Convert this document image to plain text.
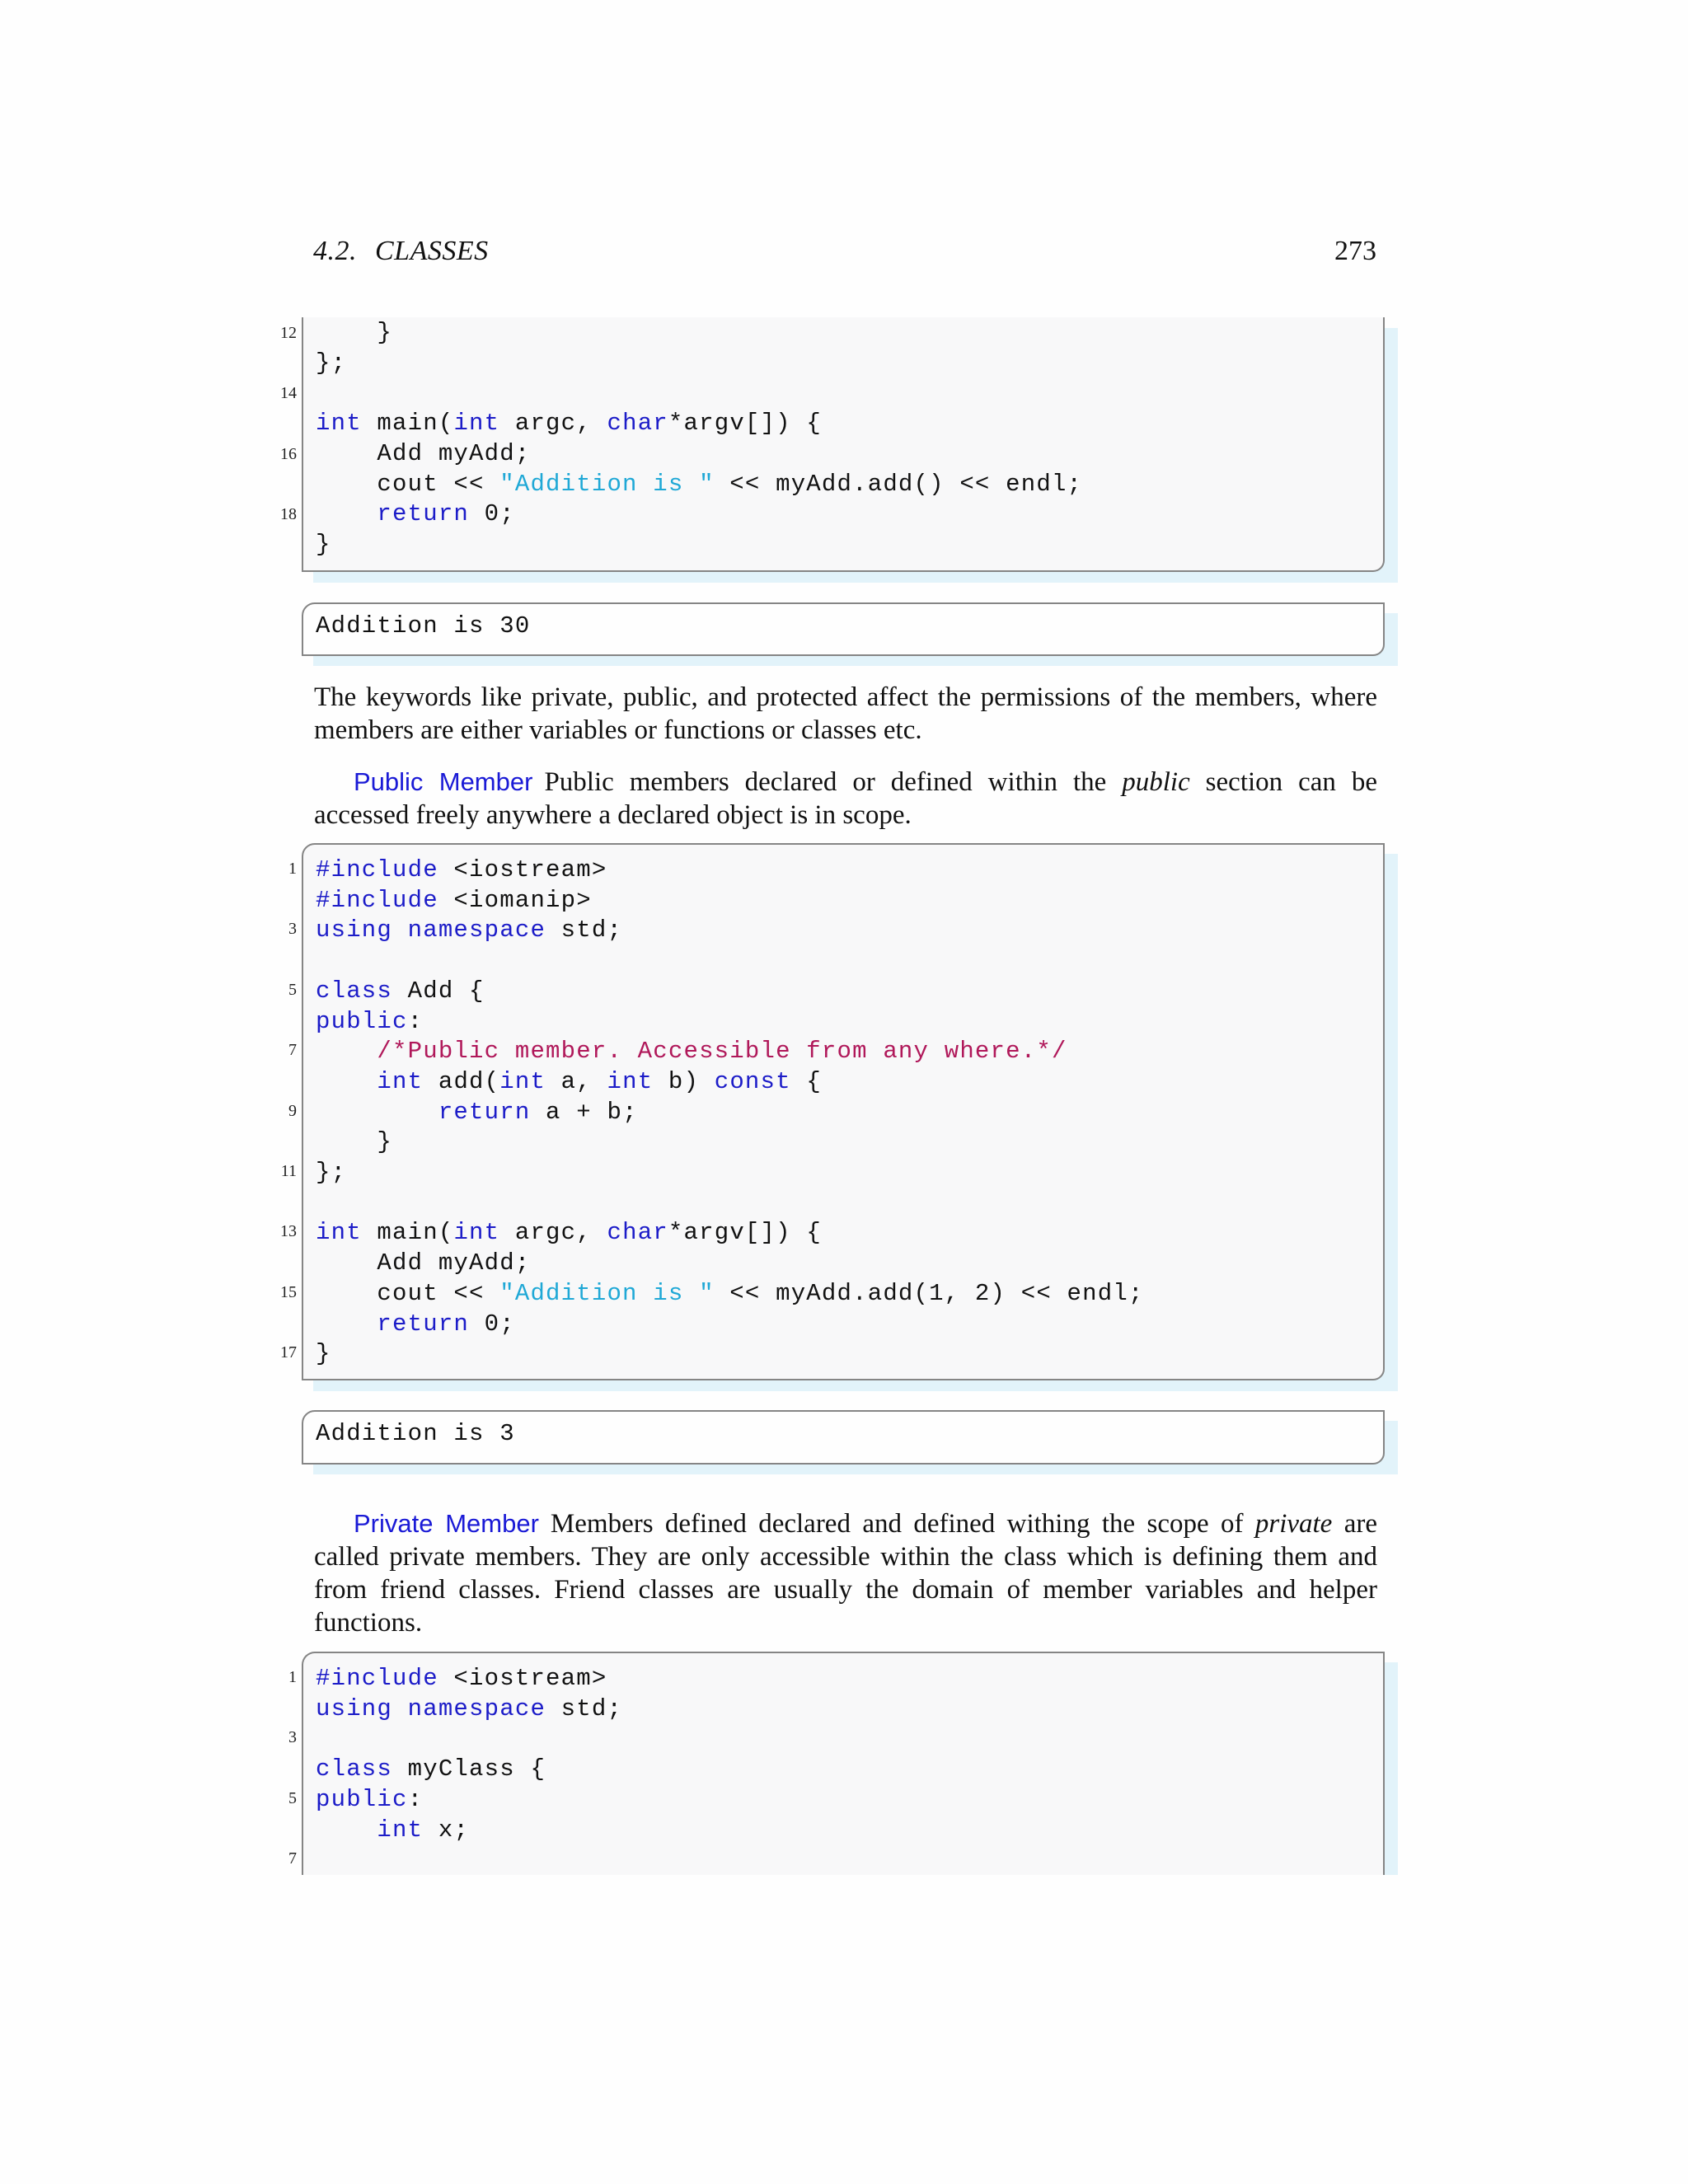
4.2. CLASSES	273
}
};
int main(int argc, char*argv[]) {
Add myAdd;
cout << "Addition is " << myAdd.add() << endl;
return 0;
}
12
14
16
18
Addition is 30
The keywords like private, public, and protected affect the permissions of the members, where members are either variables or functions or classes etc.
Public Member Public members declared or defined within the public section can be accessed freely anywhere a declared object is in scope.
#include <iostream>
#include <iomanip>
using namespace std;
class Add {
public:
/*Public member. Accessible from any where.*/
int add(int a, int b) const {
return a + b;
}
};
int main(int argc, char*argv[]) {
Add myAdd;
cout << "Addition is " << myAdd.add(1, 2) << endl;
return 0;
}
1
3
5
7
9
11
13
15
17
Addition is 3
Private Member Members defined declared and defined withing the scope of private are called private members. They are only accessible within the class which is defining them and from friend classes. Friend classes are usually the domain of member variables and helper functions.
#include <iostream>
using namespace std;
class myClass {
public:
int x;
1
3
5
7
